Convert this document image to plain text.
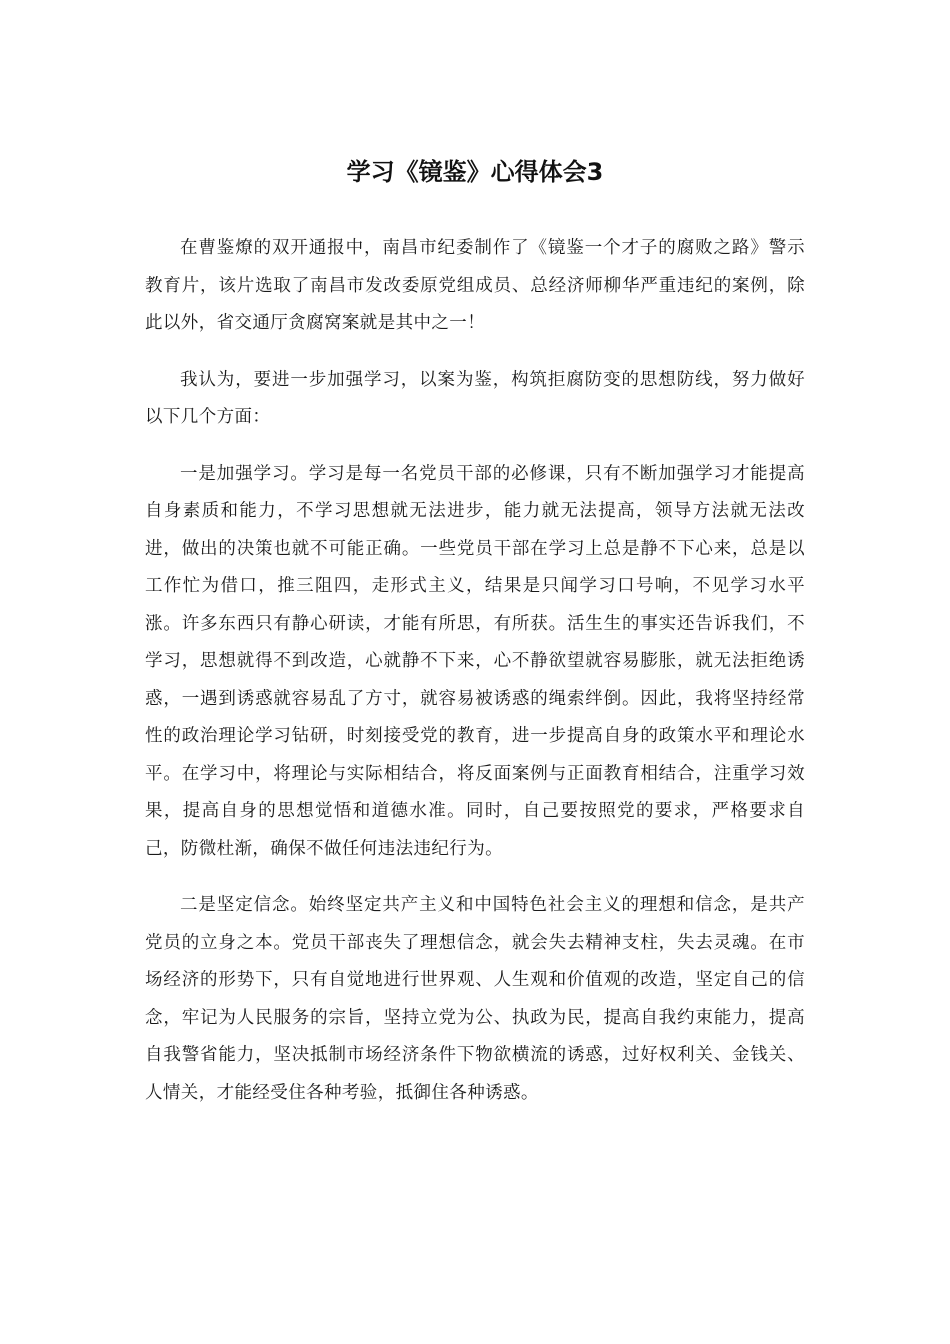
学习《镜鉴》心得体会3

在曹鉴燎的双开通报中，南昌市纪委制作了《镜鉴一个才子的腐败之路》警示教育片，该片选取了南昌市发改委原党组成员、总经济师柳华严重违纪的案例，除此以外，省交通厅贪腐窝案就是其中之一！

我认为，要进一步加强学习，以案为鉴，构筑拒腐防变的思想防线，努力做好以下几个方面：

一是加强学习。学习是每一名党员干部的必修课，只有不断加强学习才能提高自身素质和能力，不学习思想就无法进步，能力就无法提高，领导方法就无法改进，做出的决策也就不可能正确。一些党员干部在学习上总是静不下心来，总是以工作忙为借口，推三阻四，走形式主义，结果是只闻学习口号响，不见学习水平涨。许多东西只有静心研读，才能有所思，有所获。活生生的事实还告诉我们，不学习，思想就得不到改造，心就静不下来，心不静欲望就容易膨胀，就无法拒绝诱惑，一遇到诱惑就容易乱了方寸，就容易被诱惑的绳索绊倒。因此，我将坚持经常性的政治理论学习钻研，时刻接受党的教育，进一步提高自身的政策水平和理论水平。在学习中，将理论与实际相结合，将反面案例与正面教育相结合，注重学习效果，提高自身的思想觉悟和道德水准。同时，自己要按照党的要求，严格要求自己，防微杜渐，确保不做任何违法违纪行为。

二是坚定信念。始终坚定共产主义和中国特色社会主义的理想和信念，是共产党员的立身之本。党员干部丧失了理想信念，就会失去精神支柱，失去灵魂。在市场经济的形势下，只有自觉地进行世界观、人生观和价值观的改造，坚定自己的信念，牢记为人民服务的宗旨，坚持立党为公、执政为民，提高自我约束能力，提高自我警省能力，坚决抵制市场经济条件下物欲横流的诱惑，过好权利关、金钱关、人情关，才能经受住各种考验，抵御住各种诱惑。
